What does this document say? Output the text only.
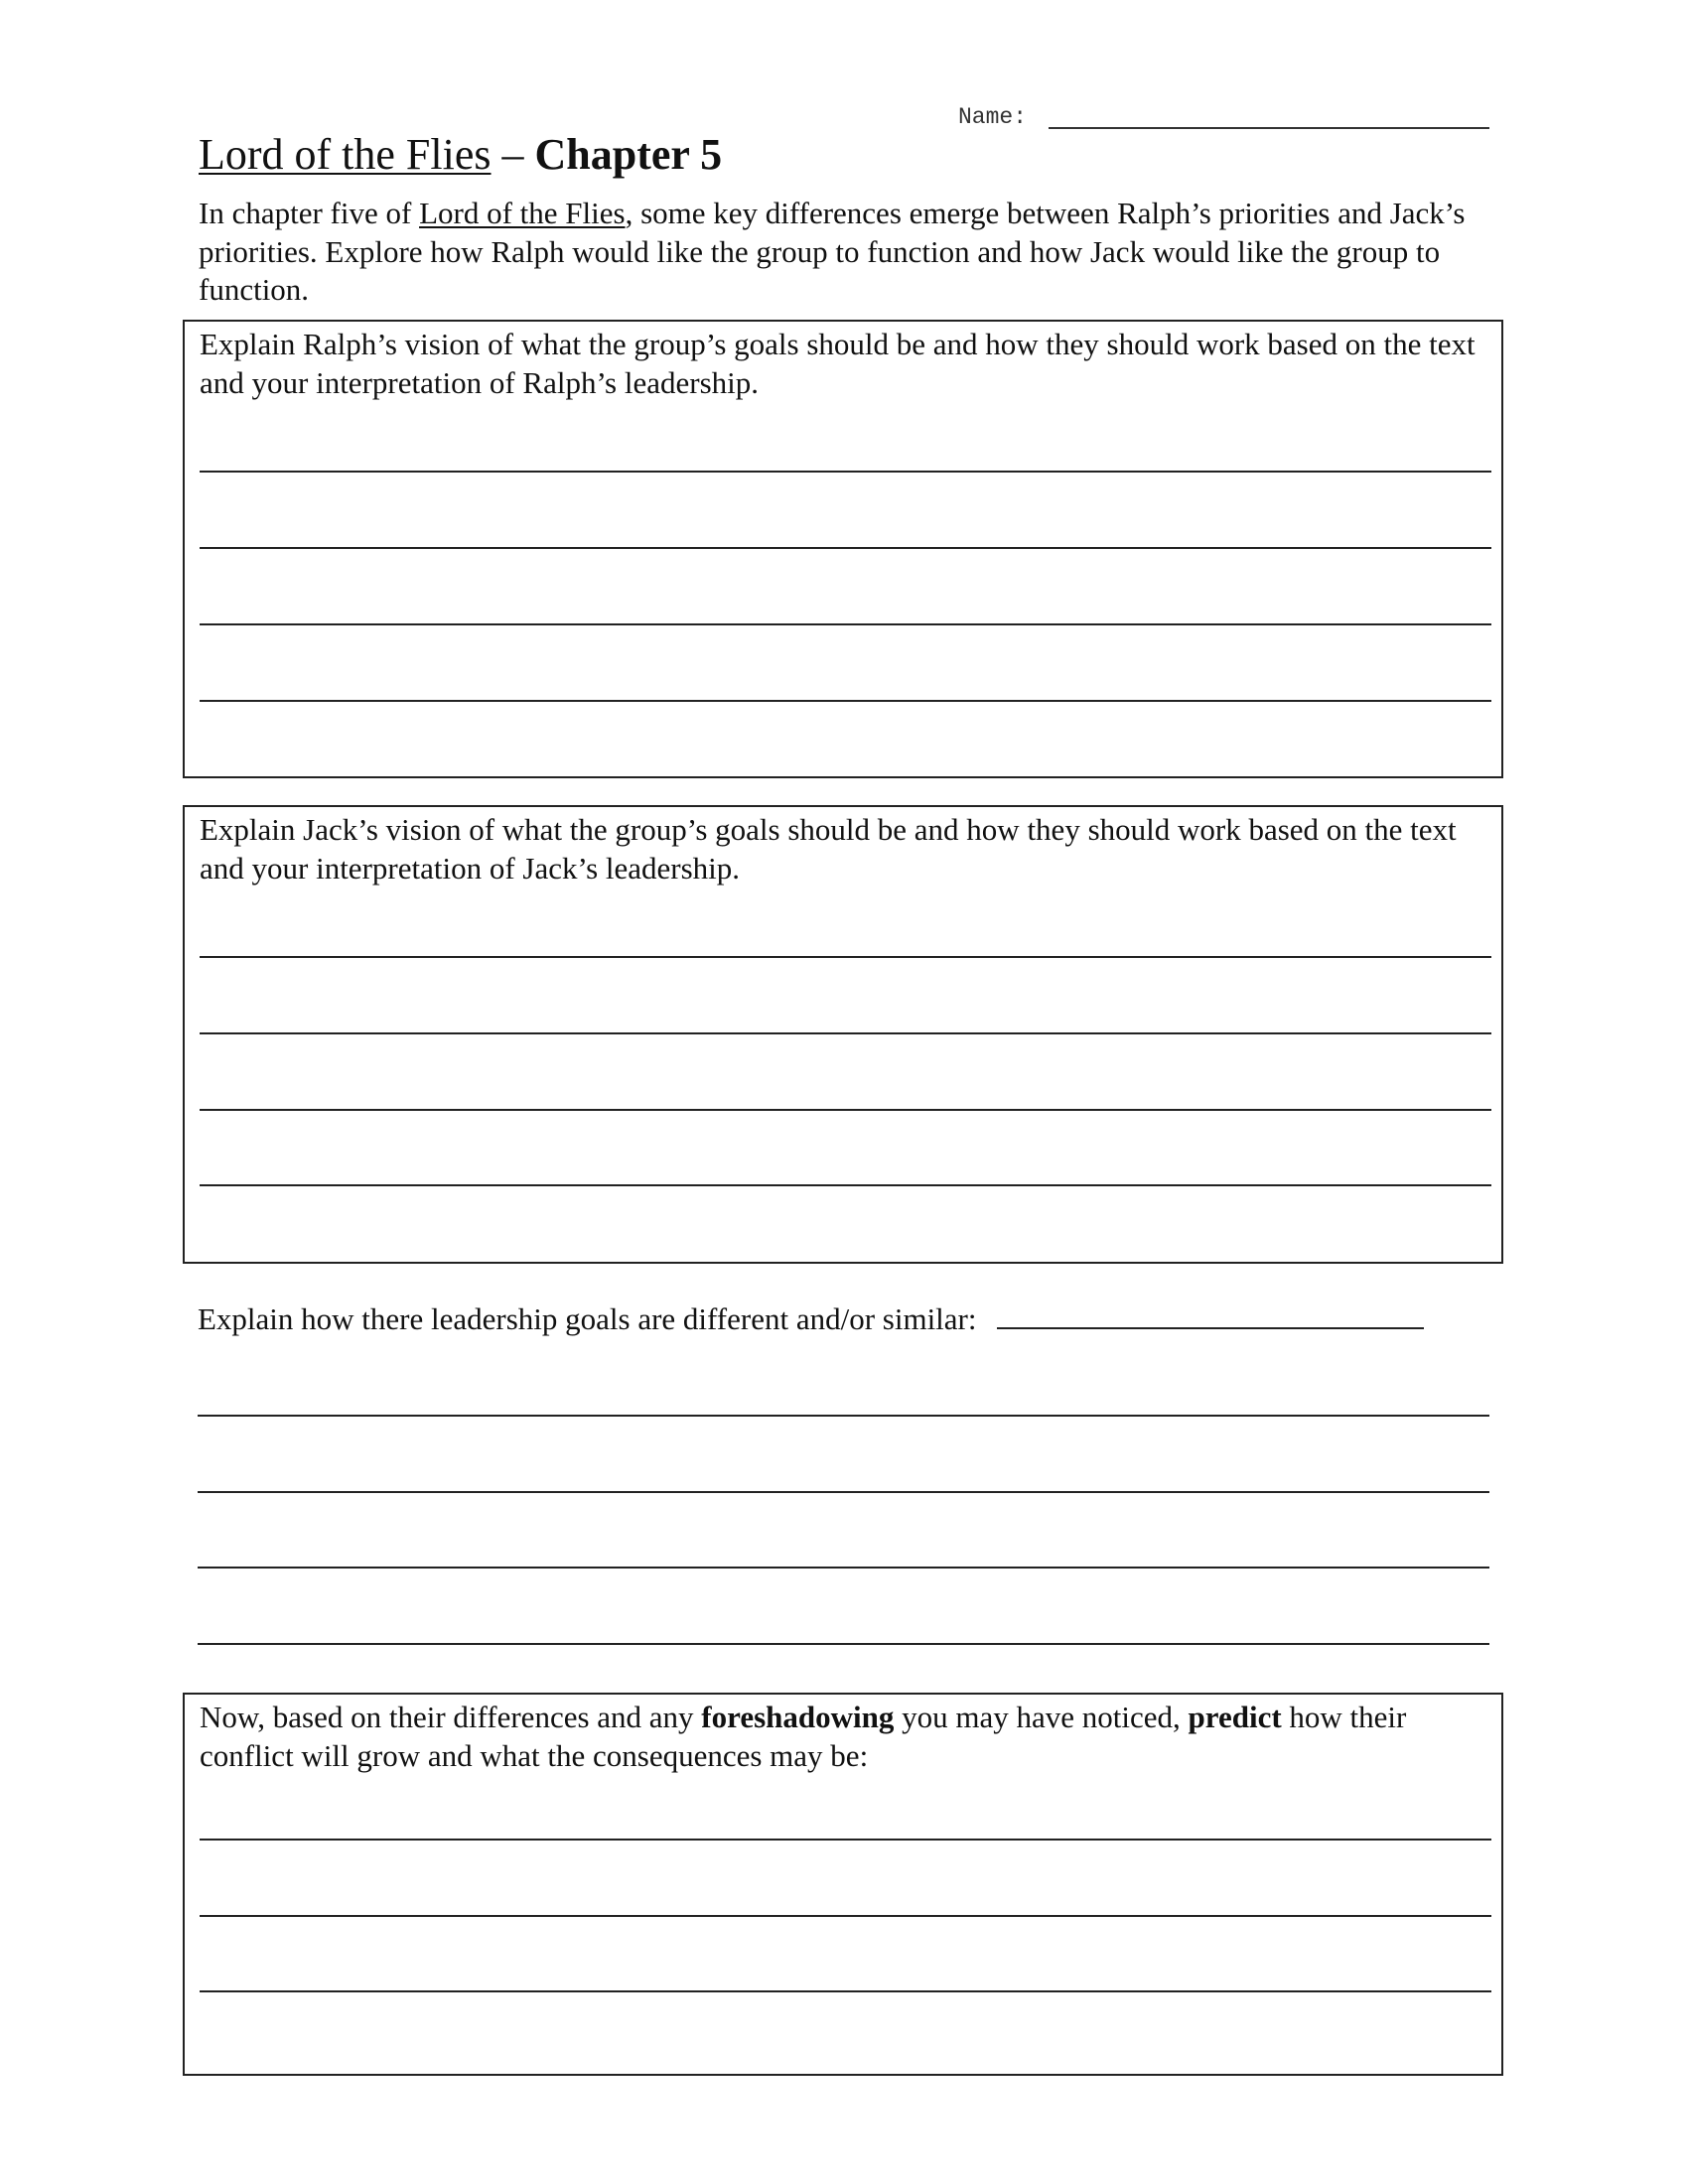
Name:
Lord of the Flies – Chapter 5

In chapter five of Lord of the Flies, some key differences emerge between Ralph’s priorities and Jack’s priorities. Explore how Ralph would like the group to function and how Jack would like the group to function.

Explain Ralph’s vision of what the group’s goals should be and how they should work based on the text and your interpretation of Ralph’s leadership.

Explain Jack’s vision of what the group’s goals should be and how they should work based on the text and your interpretation of Jack’s leadership.

Explain how there leadership goals are different and/or similar:

Now, based on their differences and any foreshadowing you may have noticed, predict how their conflict will grow and what the consequences may be:
